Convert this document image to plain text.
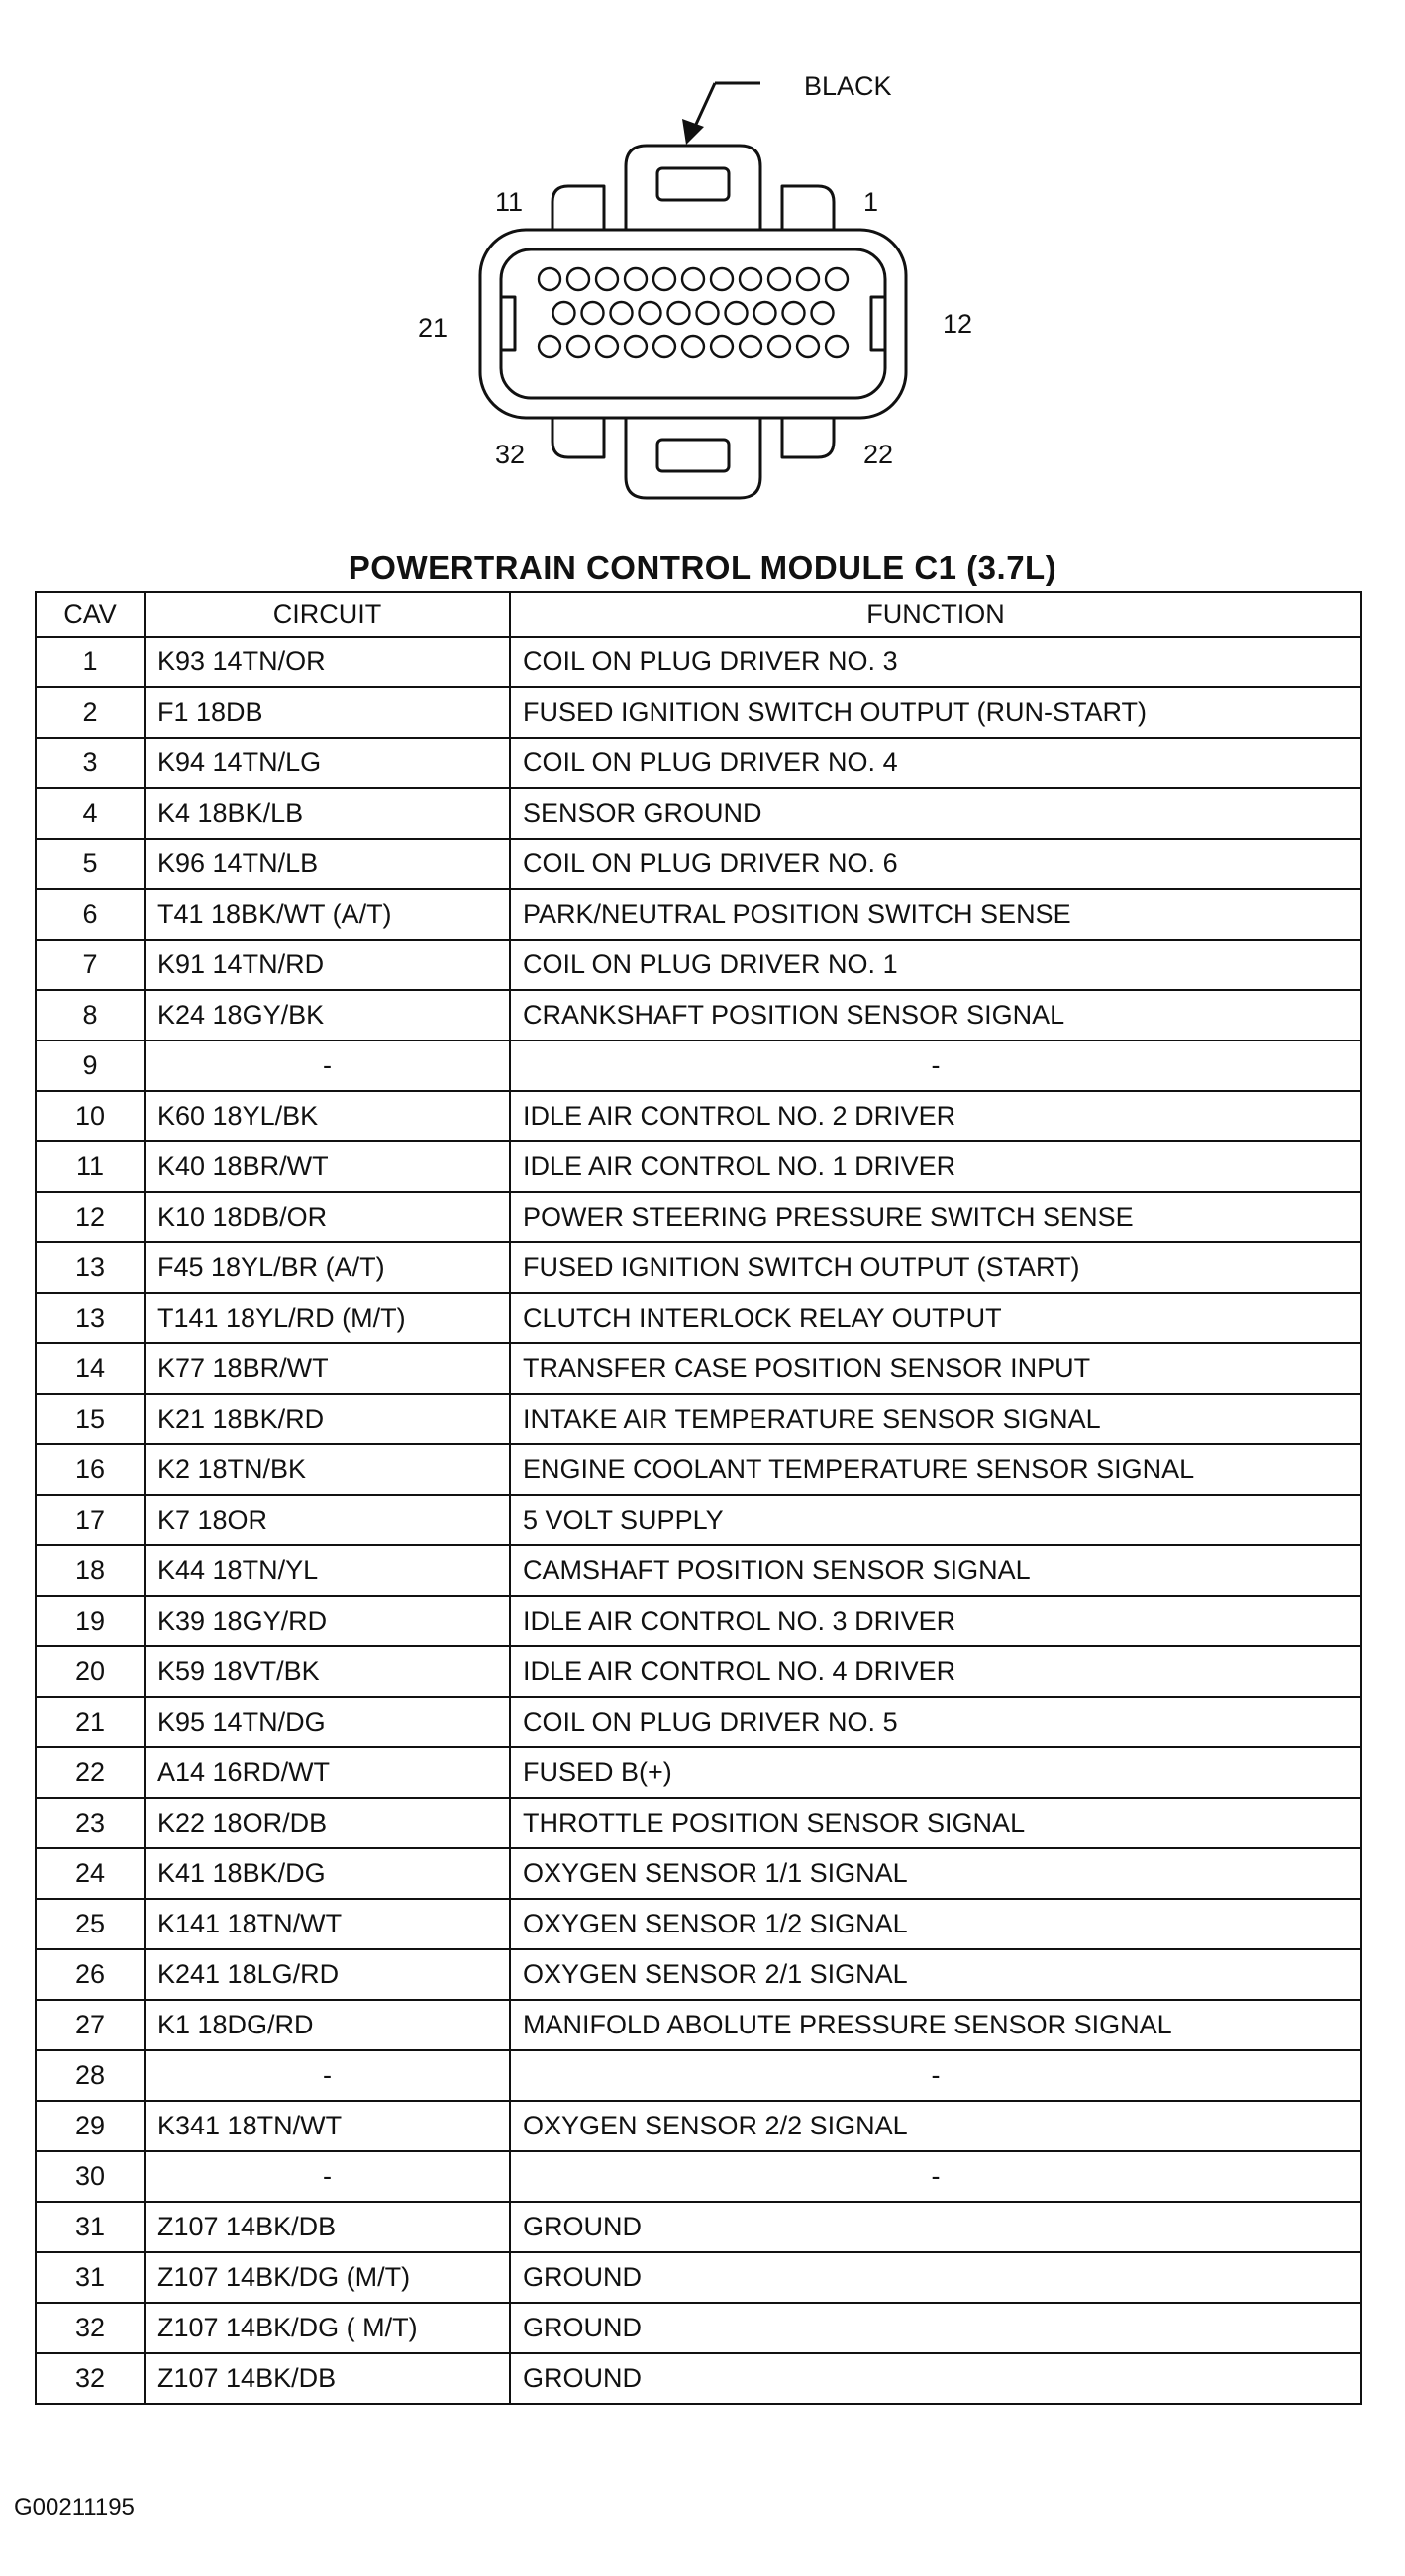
BLACK
11	1
21	12
32	22
POWERTRAIN CONTROL MODULE C1 (3.7L)
CAV	CIRCUIT	FUNCTION
1	K93 14TN/OR	COIL ON PLUG DRIVER NO. 3
2	F1 18DB	FUSED IGNITION SWITCH OUTPUT (RUN-START)
3	K94 14TN/LG	COIL ON PLUG DRIVER NO. 4
4	K4 18BK/LB	SENSOR GROUND
5	K96 14TN/LB	COIL ON PLUG DRIVER NO. 6
6	T41 18BK/WT (A/T)	PARK/NEUTRAL POSITION SWITCH SENSE
7	K91 14TN/RD	COIL ON PLUG DRIVER NO. 1
8	K24 18GY/BK	CRANKSHAFT POSITION SENSOR SIGNAL
9	-	-
10	K60 18YL/BK	IDLE AIR CONTROL NO. 2 DRIVER
11	K40 18BR/WT	IDLE AIR CONTROL NO. 1 DRIVER
12	K10 18DB/OR	POWER STEERING PRESSURE SWITCH SENSE
13	F45 18YL/BR (A/T)	FUSED IGNITION SWITCH OUTPUT (START)
13	T141 18YL/RD (M/T)	CLUTCH INTERLOCK RELAY OUTPUT
14	K77 18BR/WT	TRANSFER CASE POSITION SENSOR INPUT
15	K21 18BK/RD	INTAKE AIR TEMPERATURE SENSOR SIGNAL
16	K2 18TN/BK	ENGINE COOLANT TEMPERATURE SENSOR SIGNAL
17	K7 18OR	5 VOLT SUPPLY
18	K44 18TN/YL	CAMSHAFT POSITION SENSOR SIGNAL
19	K39 18GY/RD	IDLE AIR CONTROL NO. 3 DRIVER
20	K59 18VT/BK	IDLE AIR CONTROL NO. 4 DRIVER
21	K95 14TN/DG	COIL ON PLUG DRIVER NO. 5
22	A14 16RD/WT	FUSED B(+)
23	K22 18OR/DB	THROTTLE POSITION SENSOR SIGNAL
24	K41 18BK/DG	OXYGEN SENSOR 1/1 SIGNAL
25	K141 18TN/WT	OXYGEN SENSOR 1/2 SIGNAL
26	K241 18LG/RD	OXYGEN SENSOR 2/1 SIGNAL
27	K1 18DG/RD	MANIFOLD ABOLUTE PRESSURE SENSOR SIGNAL
28	-	-
29	K341 18TN/WT	OXYGEN SENSOR 2/2 SIGNAL
30	-	-
31	Z107 14BK/DB	GROUND
31	Z107 14BK/DG (M/T)	GROUND
32	Z107 14BK/DG ( M/T)	GROUND
32	Z107 14BK/DB	GROUND
G00211195
